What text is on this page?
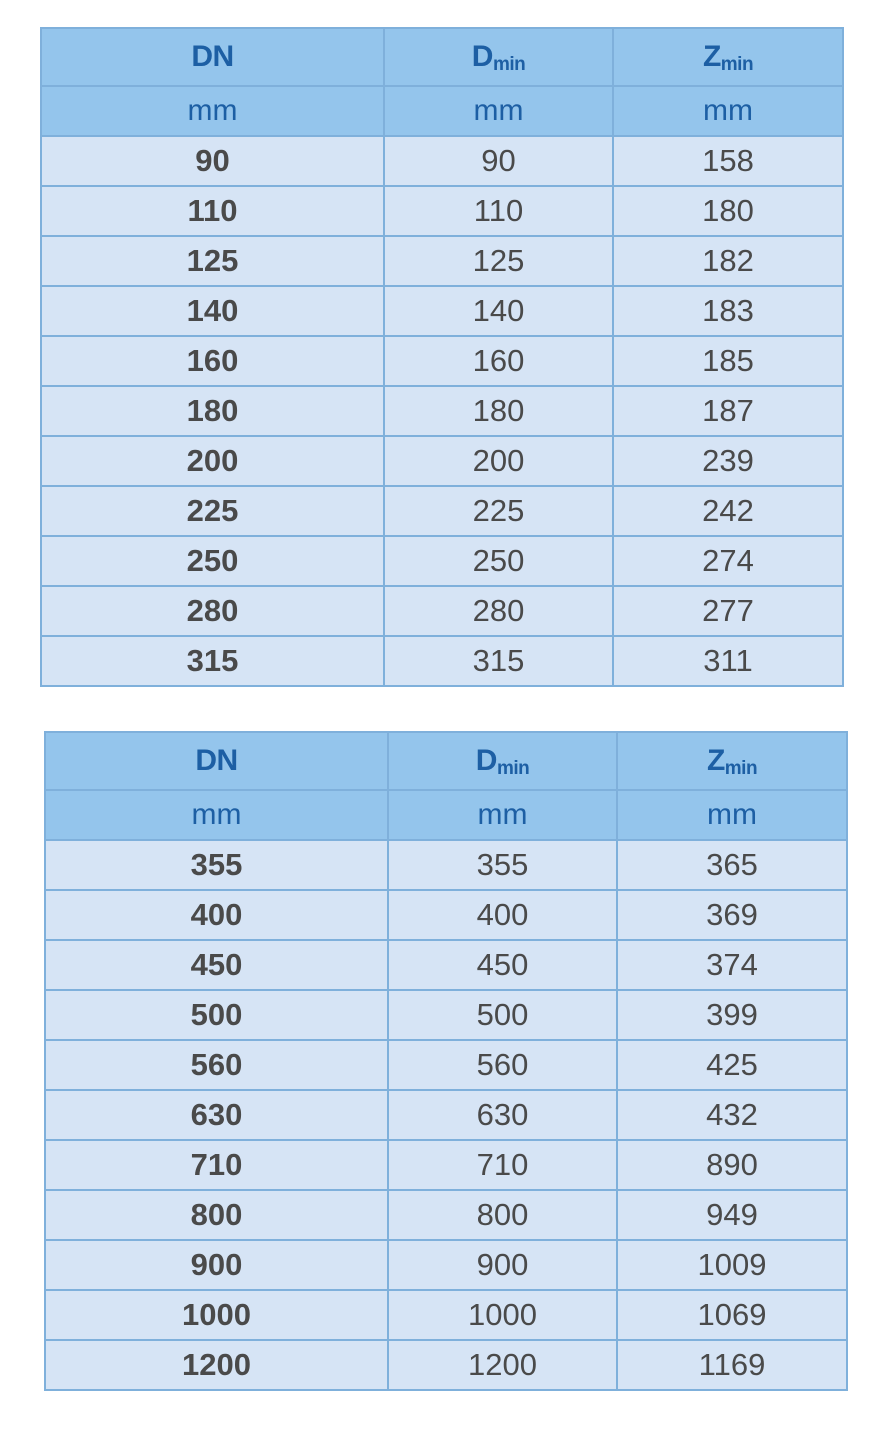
DN	$D_{min}$	$Z_{min}$
mm	mm	mm
90	90	158
110	110	180
125	125	182
140	140	183
160	160	185
180	180	187
200	200	239
225	225	242
250	250	274
280	280	277
315	315	311
DN	$D_{min}$	$Z_{min}$
mm	mm	mm
355	355	365
400	400	369
450	450	374
500	500	399
560	560	425
630	630	432
710	710	890
800	800	949
900	900	1009
1000	1000	1069
1200	1200	1169
